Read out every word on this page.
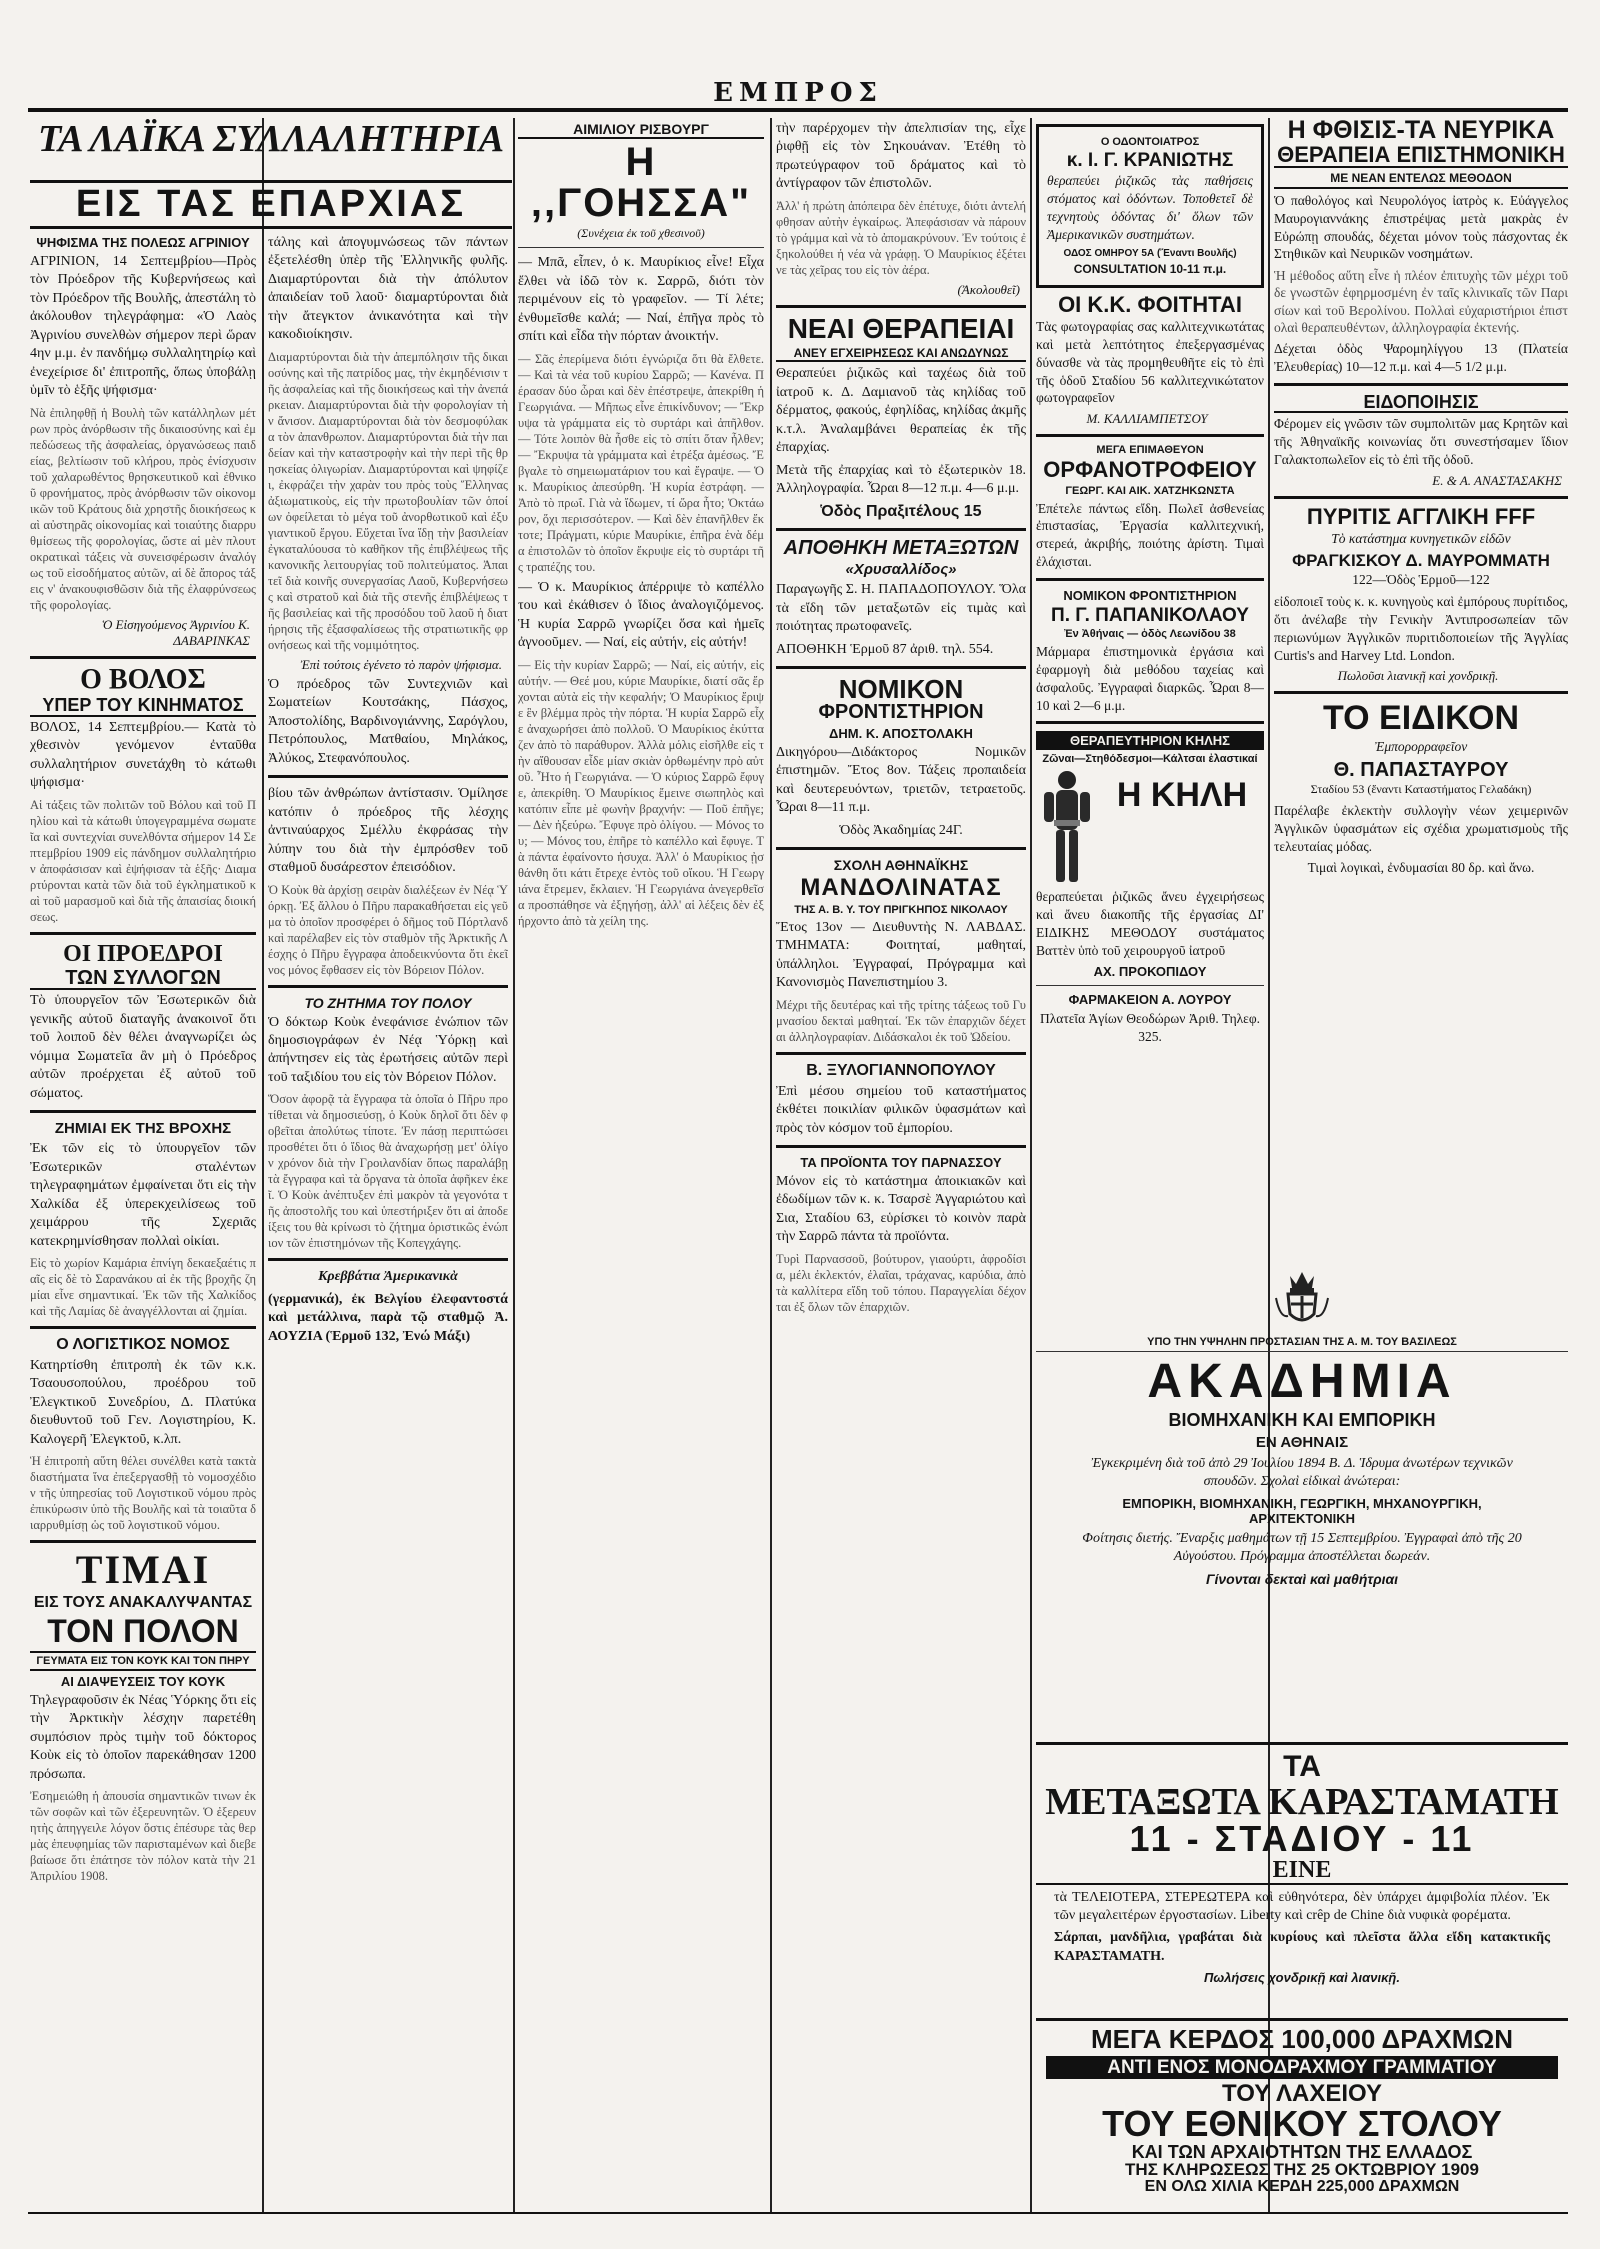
ΕΜΠΡΟΣ
ΤΑ ΛΑΪΚΑ ΣΥΛΛΑΛΗΤΗΡΙΑ
ΕΙΣ ΤΑΣ ΕΠΑΡΧΙΑΣ
ΨΗΦΙΣΜΑ ΤΗΣ ΠΟΛΕΩΣ ΑΓΡΙΝΙΟΥ
ΑΓΡΙΝΙΟΝ, 14 Σεπτεμβρίου—Πρὸς τὸν Πρόεδρον τῆς Κυβερνήσεως καὶ τὸν Πρόεδρον τῆς Βουλῆς, ἀπεστάλη τὸ ἀκόλουθον τηλεγράφημα: «Ὁ Λαὸς Ἀγρινίου συνελθὼν σήμερον περὶ ὥραν 4ην μ.μ. ἐν πανδήμῳ συλλαλητηρίῳ καὶ ἐνεχείρισε δι' ἐπιτροπῆς, ὅπως ὑποβάλῃ ὑμῖν τὸ ἑξῆς ψήφισμα·
Νὰ ἐπιληφθῇ ἡ Βουλὴ τῶν κατάλληλων μέτρων πρὸς ἀνόρθωσιν τῆς δικαιοσύνης καὶ ἐμπεδώσεως τῆς ἀσφαλείας, ὀργανώσεως παιδείας, βελτίωσιν τοῦ κλήρου, πρὸς ἐνίσχυσιν τοῦ χαλαρωθέντος θρησκευτικοῦ καὶ ἐθνικοῦ φρονήματος, πρὸς ἀνόρθωσιν τῶν οἰκονομικῶν τοῦ Κράτους διὰ χρηστῆς διοικήσεως καὶ αὐστηρᾶς οἰκονομίας καὶ τοιαύτης διαρρυθμίσεως τῆς φορολογίας, ὥστε αἱ μὲν πλουτοκρατικαὶ τάξεις νὰ συνεισφέρωσιν ἀναλόγως τοῦ εἰσοδήματος αὐτῶν, αἱ δὲ ἄπορος τάξεις ν' ἀνακουφισθῶσιν διὰ τῆς ἐλαφρύνσεως τῆς φορολογίας.
Ὁ Εἰσηγούμενος Ἀγρινίου Κ. ΔΑΒΑΡΙΝΚΑΣ
Ο ΒΟΛΟΣ
ΥΠΕΡ ΤΟΥ ΚΙΝΗΜΑΤΟΣ
ΒΟΛΟΣ, 14 Σεπτεμβρίου.— Κατὰ τὸ χθεσινὸν γενόμενον ἐνταῦθα συλλαλητήριον συνετάχθη τὸ κάτωθι ψήφισμα·
Αἱ τάξεις τῶν πολιτῶν τοῦ Βόλου καὶ τοῦ Πηλίου καὶ τὰ κάτωθι ὑπογεγραμμένα σωματεῖα καὶ συντεχνίαι συνελθόντα σήμερον 14 Σεπτεμβρίου 1909 εἰς πάνδημον συλλαλητήριον ἀποφάσισαν καὶ ἐψήφισαν τὰ ἑξῆς· Διαμαρτύρονται κατὰ τῶν διὰ τοῦ ἐγκληματικοῦ καὶ τοῦ μαρασμοῦ καὶ διὰ τῆς ἀπαισίας διοικήσεως.
ΟΙ ΠΡΟΕΔΡΟΙ
ΤΩΝ ΣΥΛΛΟΓΩΝ
Τὸ ὑπουργεῖον τῶν Ἐσωτερικῶν διὰ γενικῆς αὐτοῦ διαταγῆς ἀνακοινοῖ ὅτι τοῦ λοιποῦ δὲν θέλει ἀναγνωρίζει ὡς νόμιμα Σωματεῖα ἂν μὴ ὁ Πρόεδρος αὐτῶν προέρχεται ἐξ αὐτοῦ τοῦ σώματος.
ΖΗΜΙΑΙ ΕΚ ΤΗΣ ΒΡΟΧΗΣ
Ἐκ τῶν εἰς τὸ ὑπουργεῖον τῶν Ἐσωτερικῶν σταλέντων τηλεγραφημάτων ἐμφαίνεται ὅτι εἰς τὴν Χαλκίδα ἐξ ὑπερεκχειλίσεως τοῦ χειμάρρου τῆς Σχεριᾶς κατεκρημνίσθησαν πολλαὶ οἰκίαι.
Εἰς τὸ χωρίον Καμάρια ἐπνίγη δεκαεξαέτις παῖς εἰς δὲ τὸ Σαρανάκου αἱ ἐκ τῆς βροχῆς ζημίαι εἶνε σημαντικαί. Ἐκ τῶν τῆς Χαλκίδος καὶ τῆς Λαμίας δὲ ἀναγγέλλονται αἱ ζημίαι.
Ο ΛΟΓΙΣΤΙΚΟΣ ΝΟΜΟΣ
Κατηρτίσθη ἐπιτροπὴ ἐκ τῶν κ.κ. Τσαουσοπούλου, προέδρου τοῦ Ἐλεγκτικοῦ Συνεδρίου, Δ. Πλατύκα διευθυντοῦ τοῦ Γεν. Λογιστηρίου, Κ. Καλογερῆ Ἐλεγκτοῦ, κ.λπ.
Ἡ ἐπιτροπὴ αὕτη θέλει συνέλθει κατὰ τακτὰ διαστήματα ἵνα ἐπεξεργασθῇ τὸ νομοσχέδιον τῆς ὑπηρεσίας τοῦ Λογιστικοῦ νόμου πρὸς ἐπικύρωσιν ὑπὸ τῆς Βουλῆς καὶ τὰ τοιαῦτα διαρρυθμίσῃ ὡς τοῦ λογιστικοῦ νόμου.
ΤΙΜΑΙ
ΕΙΣ ΤΟΥΣ ΑΝΑΚΑΛΥΨΑΝΤΑΣ
ΤΟΝ ΠΟΛΟΝ
ΓΕΥΜΑΤΑ ΕΙΣ ΤΟΝ ΚΟΥΚ ΚΑΙ ΤΟΝ ΠΗΡΥ
ΑΙ ΔΙΑΨΕΥΣΕΙΣ ΤΟΥ ΚΟΥΚ
Τηλεγραφοῦσιν ἐκ Νέας Ὑόρκης ὅτι εἰς τὴν Ἀρκτικὴν λέσχην παρετέθη συμπόσιον πρὸς τιμὴν τοῦ δόκτορος Κοὺκ εἰς τὸ ὁποῖον παρεκάθησαν 1200 πρόσωπα.
Ἐσημειώθη ἡ ἀπουσία σημαντικῶν τινων ἐκ τῶν σοφῶν καὶ τῶν ἐξερευνητῶν. Ὁ ἐξερευνητὴς ἀπηγγειλε λόγον ὅστις ἐπέσυρε τὰς θερμὰς ἐπευφημίας τῶν παρισταμένων καὶ διεβεβαίωσε ὅτι ἐπάτησε τὸν πόλον κατὰ τὴν 21 Ἀπριλίου 1908.
τάλης καὶ ἀπογυμνώσεως τῶν πάντων ἐξετελέσθη ὑπὲρ τῆς Ἑλληνικῆς φυλῆς. Διαμαρτύρονται διὰ τὴν ἀπόλυτον ἀπαιδείαν τοῦ λαοῦ· διαμαρτύρονται διὰ τὴν ἄτεγκτον ἀνικανότητα καὶ τὴν κακοδιοίκησιν.
Διαμαρτύρονται διὰ τὴν ἀπεμπόλησιν τῆς δικαιοσύνης καὶ τῆς πατρίδος μας, τὴν ἐκμηδένισιν τῆς ἀσφαλείας καὶ τῆς διοικήσεως καὶ τὴν ἀνεπάρκειαν. Διαμαρτύρονται διὰ τὴν φορολογίαν τὴν ἄνισον. Διαμαρτύρονται διὰ τὸν δεσμοφύλακα τὸν ἀπανθρωπον. Διαμαρτύρονται διὰ τὴν παιδείαν καὶ τὴν καταστροφὴν καὶ τὴν περὶ τῆς θρησκείας ὀλιγωρίαν. Διαμαρτύρονται καὶ ψηφίζει, ἐκφράζει τὴν χαρὰν του πρὸς τοὺς Ἕλληνας ἀξιωματικοὺς, εἰς τὴν πρωτοβουλίαν τῶν ὁποίων ὀφείλεται τὸ μέγα τοῦ ἀνορθωτικοῦ καὶ ἐξυγιαντικοῦ ἔργου. Εὔχεται ἵνα ἴδῃ τὴν βασιλείαν ἐγκαταλύουσα τὸ καθῆκον τῆς ἐπιβλέψεως τῆς κανονικῆς λειτουργίας τοῦ πολιτεύματος. Ἀπαιτεῖ διὰ κοινῆς συνεργασίας Λαοῦ, Κυβερνήσεως καὶ στρατοῦ καὶ διὰ τῆς στενῆς ἐπιβλέψεως τῆς βασιλείας καὶ τῆς προσόδου τοῦ λαοῦ ἡ διατήρησις τῆς ἐξασφαλίσεως τῆς στρατιωτικῆς φρονήσεως καὶ τῆς νομιμότητος.
Ἐπὶ τούτοις ἐγένετο τὸ παρὸν ψήφισμα.
Ὁ πρόεδρος τῶν Συντεχνιῶν καὶ Σωματείων Κουτσάκης, Πάσχος, Ἀποστολίδης, Βαρδινογιάννης, Σαρόγλου, Πετρόπουλος, Ματθαίου, Μηλάκος, Ἀλύκος, Στεφανόπουλος.
βίου τῶν ἀνθρώπων ἀντίστασιν. Ὁμίλησε κατόπιν ὁ πρόεδρος τῆς λέσχης ἀντιναύαρχος Σμέλλυ ἐκφράσας τὴν λύπην του διὰ τὴν ἐμπρόσθεν τοῦ σταθμοῦ δυσάρεστον ἐπεισόδιον.
Ὁ Κοὺκ θὰ ἀρχίσῃ σειρὰν διαλέξεων ἐν Νέᾳ Ὑόρκῃ. Ἐξ ἄλλου ὁ Πῆρυ παρακαθήσεται εἰς γεῦμα τὸ ὁποῖον προσφέρει ὁ δῆμος τοῦ Πόρτλανδ καὶ παρέλαβεν εἰς τὸν σταθμὸν τῆς Ἀρκτικῆς Λέσχης ὁ Πῆρυ ἔγγραφα ἀποδεικνύοντα ὅτι ἐκεῖνος μόνος ἔφθασεν εἰς τὸν Βόρειον Πόλον.
ΤΟ ΖΗΤΗΜΑ ΤΟΥ ΠΟΛΟΥ
Ὁ δόκτωρ Κοὺκ ἐνεφάνισε ἐνώπιον τῶν δημοσιογράφων ἐν Νέᾳ Ὑόρκῃ καὶ ἀπήντησεν εἰς τὰς ἐρωτήσεις αὐτῶν περὶ τοῦ ταξιδίου του εἰς τὸν Βόρειον Πόλον.
Ὅσον ἀφορᾷ τὰ ἔγγραφα τὰ ὁποῖα ὁ Πῆρυ προτίθεται νὰ δημοσιεύσῃ, ὁ Κοὺκ δηλοῖ ὅτι δὲν φοβεῖται ἀπολύτως τίποτε. Ἐν πάσῃ περιπτώσει προσθέτει ὅτι ὁ ἴδιος θὰ ἀναχωρήσῃ μετ' ὀλίγον χρόνον διὰ τὴν Γροιλανδίαν ὅπως παραλάβῃ τὰ ἔγγραφα καὶ τὰ ὄργανα τὰ ὁποῖα ἀφῆκεν ἐκεῖ. Ὁ Κοὺκ ἀνέπτυξεν ἐπὶ μακρὸν τὰ γεγονότα τῆς ἀποστολῆς του καὶ ὑπεστήριξεν ὅτι αἱ ἀποδείξεις του θὰ κρίνωσι τὸ ζήτημα ὁριστικῶς ἐνώπιον τῶν ἐπιστημόνων τῆς Κοπεγχάγης.
Κρεββάτια Ἀμερικανικὰ
(γερμανικά), ἐκ Βελγίου ἐλεφαντοστά καὶ μετάλλινα, παρὰ τῷ σταθμῷ Ἀ. ΑΟΥΖΙΑ (Ἑρμοῦ 132, Ἐνώ Μάξι)
ΑΙΜΙΛΙΟΥ ΡΙΣΒΟΥΡΓ
Η ,,ΓΟΗΣΣΑ"
(Συνέχεια ἐκ τοῦ χθεσινοῦ)
— Μπᾶ, εἶπεν, ὁ κ. Μαυρίκιος εἶνε! Εἶχα ἔλθει νὰ ἰδῶ τὸν κ. Σαρρῶ, διότι τὸν περιμένουν εἰς τὸ γραφεῖον. — Τί λέτε; ἐνθυμεῖσθε καλά; — Ναί, ἐπῆγα πρὸς τὸ σπίτι καὶ εἶδα τὴν πόρταν ἀνοικτήν.
— Σᾶς ἐπερίμενα διότι ἐγνώριζα ὅτι θὰ ἔλθετε. — Καὶ τὰ νέα τοῦ κυρίου Σαρρῶ; — Κανένα. Πέρασαν δύο ὧραι καὶ δὲν ἐπέστρεψε, ἀπεκρίθη ἡ Γεωργιάνα. — Μῆπως εἶνε ἐπικίνδυνον; — Ἔκρυψα τὰ γράμματα εἰς τὸ συρτάρι καὶ ἀπῆλθον. — Τότε λοιπὸν θὰ ἦσθε εἰς τὸ σπίτι ὅταν ἦλθεν; — Ἔκρυψα τὰ γράμματα καὶ ἐτρέξα ἀμέσως. Ἔβγαλε τὸ σημειωματάριον του καὶ ἔγραψε. — Ὁ κ. Μαυρίκιος ἀπεσύρθη. Ἡ κυρία ἐστράφη. — Ἀπὸ τὸ πρωΐ. Γιὰ νὰ ἴδωμεν, τί ὥρα ἦτο; Ὀκτάωρον, ὅχι περισσότερον. — Καὶ δὲν ἐπανῆλθεν ἔκτοτε; Πράγματι, κύριε Μαυρίκιε, ἐπῆρα ἑνὰ δέμα ἐπιστολῶν τὸ ὁποῖον ἔκρυψε εἰς τὸ συρτάρι τῆς τραπέζης του.
— Ὁ κ. Μαυρίκιος ἀπέρριψε τὸ καπέλλο του καὶ ἐκάθισεν ὁ ἴδιος ἀναλογιζόμενος. Ἡ κυρία Σαρρῶ γνωρίζει ὅσα καὶ ἡμεῖς ἀγνοοῦμεν. — Ναί, εἰς αὐτήν, εἰς αὐτήν!
— Εἰς τὴν κυρίαν Σαρρῶ; — Ναί, εἰς αὐτήν, εἰς αὐτήν. — Θεέ μου, κύριε Μαυρίκιε, διατί σᾶς ἔρχονται αὐτὰ εἰς τὴν κεφαλήν; Ὁ Μαυρίκιος ἔριψε ἓν βλέμμα πρὸς τὴν πόρτα. Ἡ κυρία Σαρρῶ εἶχε ἀναχωρήσει ἀπὸ πολλοῦ. Ὁ Μαυρίκιος ἐκύτταζεν ἀπὸ τὸ παράθυρον. Ἀλλὰ μόλις εἰσῆλθε εἰς τὴν αἴθουσαν εἶδε μίαν σκιὰν ὀρθωμένην πρὸ αὐτοῦ. Ἦτο ἡ Γεωργιάνα. — Ὁ κύριος Σαρρῶ ἔφυγε, ἀπεκρίθη. Ὁ Μαυρίκιος ἔμεινε σιωπηλὸς καὶ κατόπιν εἶπε μὲ φωνὴν βραχνήν: — Ποῦ ἐπῆγε; — Δὲν ἠξεύρω. Ἔφυγε πρὸ ὀλίγου. — Μόνος του; — Μόνος του, ἐπῆρε τὸ καπέλλο καὶ ἔφυγε. Τὰ πάντα ἐφαίνοντο ἡσυχα. Ἀλλ' ὁ Μαυρίκιος ᾐσθάνθη ὅτι κάτι ἔτρεχε ἐντὸς τοῦ οἴκου. Ἡ Γεωργιάνα ἔτρεμεν, ἔκλαιεν. Ἡ Γεωργιάνα ἀνεγερθεῖσα προσπάθησε νὰ ἐξηγήσῃ, ἀλλ' αἱ λέξεις δὲν ἐξήρχοντο ἀπὸ τὰ χείλη της.
τὴν παρέρχομεν τὴν ἀπελπισίαν της, εἶχε ῥιφθῇ εἰς τὸν Σηκουάναν. Ἐτέθη τὸ πρωτεύγραφον τοῦ δράματος καὶ τὸ ἀντίγραφον τῶν ἐπιστολῶν.
Ἀλλ' ἡ πρώτη ἀπόπειρα δὲν ἐπέτυχε, διότι ἀντελήφθησαν αὐτὴν ἐγκαίρως. Ἀπεφάσισαν νὰ πάρουν τὸ γράμμα καὶ νὰ τὸ ἀπομακρύνουν. Ἐν τούτοις ἐξηκολούθει ἡ νέα νὰ γράφῃ. Ὁ Μαυρίκιος ἐξέτεινε τὰς χεῖρας του εἰς τὸν ἀέρα.
(Ἀκολουθεῖ)
ΝΕΑΙ ΘΕΡΑΠΕΙΑΙ
ΑΝΕΥ ΕΓΧΕΙΡΗΣΕΩΣ ΚΑΙ ΑΝΩΔΥΝΩΣ
Θεραπεύει ῥιζικῶς καὶ ταχέως διὰ τοῦ ἰατροῦ κ. Δ. Δαμιανοῦ τὰς κηλίδας τοῦ δέρματος, φακούς, ἐφηλίδας, κηλίδας ἀκμῆς κ.τ.λ. Ἀναλαμβάνει θεραπείας ἐκ τῆς ἐπαρχίας.
Μετὰ τῆς ἐπαρχίας καὶ τὸ ἐξωτερικὸν 18. Ἀλληλογραφία. Ὧραι 8—12 π.μ. 4—6 μ.μ.
Ὁδὸς Πραξιτέλους 15
ΑΠΟΘΗΚΗ ΜΕΤΑΞΩΤΩΝ
«Χρυσαλλίδος»
Παραγωγῆς Σ. Η. ΠΑΠΑΔΟΠΟΥΛΟΥ. Ὅλα τὰ εἴδη τῶν μεταξωτῶν εἰς τιμὰς καὶ ποιότητας πρωτοφανεῖς.
ΑΠΟΘΗΚΗ Ἑρμοῦ 87 ἀριθ. τηλ. 554.
ΝΟΜΙΚΟΝ
ΦΡΟΝΤΙΣΤΗΡΙΟΝ
ΔΗΜ. Κ. ΑΠΟΣΤΟΛΑΚΗ
Δικηγόρου—Διδάκτορος Νομικῶν ἐπιστημῶν. Ἔτος 8ον. Τάξεις προπαιδεία καὶ δευτερευόντων, τριετῶν, τετραετοῦς. Ὧραι 8—11 π.μ.
Ὁδὸς Ἀκαδημίας 24Γ.
ΣΧΟΛΗ ΑΘΗΝΑΪΚΗΣ
ΜΑΝΔΟΛΙΝΑΤΑΣ
ΤΗΣ Α. Β. Υ. ΤΟΥ ΠΡΙΓΚΗΠΟΣ ΝΙΚΟΛΑΟΥ
Ἔτος 13ον — Διευθυντὴς Ν. ΛΑΒΔΑΣ. ΤΜΗΜΑΤΑ: Φοιτηταί, μαθηταί, ὑπάλληλοι. Ἐγγραφαί, Πρόγραμμα καὶ Κανονισμὸς Πανεπιστημίου 3.
Μέχρι τῆς δευτέρας καὶ τῆς τρίτης τάξεως τοῦ Γυμνασίου δεκταὶ μαθηταί. Ἐκ τῶν ἐπαρχιῶν δέχεται ἀλληλογραφίαν. Διδάσκαλοι ἐκ τοῦ Ὠδείου.
Β. ΞΥΛΟΓΙΑΝΝΟΠΟΥΛΟΥ
Ἐπὶ μέσου σημείου τοῦ καταστήματος ἐκθέτει ποικιλίαν φιλικῶν ὑφασμάτων καὶ πρὸς τὸν κόσμον τοῦ ἐμπορίου.
ΤΑ ΠΡΟΪΟΝΤΑ ΤΟΥ ΠΑΡΝΑΣΣΟΥ
Μόνον εἰς τὸ κατάστημα ἀποικιακῶν καὶ ἐδωδίμων τῶν κ. κ. Τσαρσὲ Ἀγγαριώτου καὶ Σια, Σταδίου 63, εὑρίσκει τὸ κοινὸν παρὰ τὴν Σαρρῶ πάντα τὰ προϊόντα.
Τυρὶ Παρνασσοῦ, βούτυρον, γιαούρτι, ἀφροδίσια, μέλι ἐκλεκτόν, ἐλαῖαι, τράχανας, καρύδια, ἀπὸ τὰ καλλίτερα εἴδη τοῦ τόπου. Παραγγελίαι δέχονται ἐξ ὅλων τῶν ἐπαρχιῶν.
Ο ΟΔΟΝΤΟΙΑΤΡΟΣ
κ. Ι. Γ. ΚΡΑΝΙΩΤΗΣ
θεραπεύει ῥιζικῶς τὰς παθήσεις στόματος καὶ ὀδόντων. Τοποθετεῖ δὲ τεχνητοὺς ὀδόντας δι' ὅλων τῶν Ἀμερικανικῶν συστημάτων.
ΟΔΟΣ ΟΜΗΡΟΥ 5Α (Ἔναντι Βουλῆς)
CONSULTATION 10-11 π.μ.
ΟΙ Κ.Κ. ΦΟΙΤΗΤΑΙ
Τὰς φωτογραφίας σας καλλιτεχνικωτάτας καὶ μετὰ λεπτότητος ἐπεξεργασμένας δύνασθε νὰ τὰς προμηθευθῆτε εἰς τὸ ἐπὶ τῆς ὁδοῦ Σταδίου 56 καλλιτεχνικώτατον φωτογραφεῖον
Μ. ΚΑΛΛΙΑΜΠΕΤΣΟΥ
ΜΕΓΑ ΕΠΙΜΑΘΕΥΟΝ
ΟΡΦΑΝΟΤΡΟΦΕΙΟΥ
ΓΕΩΡΓ. ΚΑΙ ΑΙΚ. ΧΑΤΖΗΚΩΝΣΤΑ
Ἐπέτελε πάντως εἴδη. Πωλεῖ ἀσθενείας ἐπιστασίας, Ἐργασία καλλιτεχνική, στερεά, ἀκριβής, ποιότης ἀρίστη. Τιμαὶ ἐλάχισται.
ΝΟΜΙΚΟΝ ΦΡΟΝΤΙΣΤΗΡΙΟΝ
Π. Γ. ΠΑΠΑΝΙΚΟΛΑΟΥ
Ἐν Ἀθήναις — ὁδὸς Λεωνίδου 38
Μάρμαρα ἐπιστημονικὰ ἐργάσια καὶ ἐφαρμογὴ διὰ μεθόδου ταχείας καὶ ἀσφαλοῦς. Ἐγγραφαὶ διαρκῶς. Ὧραι 8—10 καὶ 2—6 μ.μ.
ΘΕΡΑΠΕΥΤΗΡΙΟΝ ΚΗΛΗΣ
Ζῶναι—Στηθόδεσμοι—Κάλτσαι ἐλαστικαί
Η ΚΗΛΗ
θεραπεύεται ῥιζικῶς ἄνευ ἐγχειρήσεως καὶ ἄνευ διακοπῆς τῆς ἐργασίας ΔΙ' ΕΙΔΙΚΗΣ ΜΕΘΟΔΟΥ συστάματος Βαττὲν ὑπὸ τοῦ χειρουργοῦ ἰατροῦ
ΑΧ. ΠΡΟΚΟΠΙΔΟΥ
ΦΑΡΜΑΚΕΙΟΝ Α. ΛΟΥΡΟΥ
Πλατεῖα Ἁγίων Θεοδώρων Ἀριθ. Τηλεφ. 325.
Η ΦΘΙΣΙΣ-ΤΑ ΝΕΥΡΙΚΑ
ΘΕΡΑΠΕΙΑ ΕΠΙΣΤΗΜΟΝΙΚΗ
ΜΕ ΝΕΑΝ ΕΝΤΕΛΩΣ ΜΕΘΟΔΟΝ
Ὁ παθολόγος καὶ Νευρολόγος ἰατρὸς κ. Εὐάγγελος Μαυρογιαννάκης ἐπιστρέψας μετὰ μακρὰς ἐν Εὐρώπῃ σπουδάς, δέχεται μόνον τοὺς πάσχοντας ἐκ Στηθικῶν καὶ Νευρικῶν νοσημάτων.
Ἡ μέθοδος αὕτη εἶνε ἡ πλέον ἐπιτυχὴς τῶν μέχρι τοῦδε γνωστῶν ἐφηρμοσμένη ἐν ταῖς κλινικαῖς τῶν Παρισίων καὶ τοῦ Βερολίνου. Πολλαὶ εὐχαριστήριοι ἐπιστολαὶ θεραπευθέντων, ἀλληλογραφία ἐκτενής.
Δέχεται ὁδὸς Ψαρομηλίγγου 13 (Πλατεία Ἐλευθερίας) 10—12 π.μ. καὶ 4—5 1/2 μ.μ.
ΕΙΔΟΠΟΙΗΣΙΣ
Φέρομεν εἰς γνῶσιν τῶν συμπολιτῶν μας Κρητῶν καὶ τῆς Ἀθηναϊκῆς κοινωνίας ὅτι συνεστήσαμεν ἴδιον Γαλακτοπωλεῖον εἰς τὸ ἐπὶ τῆς ὁδοῦ.
Ε. & Α. ΑΝΑΣΤΑΣΑΚΗΣ
ΠΥΡΙΤΙΣ ΑΓΓΛΙΚΗ FFF
Τὸ κατάστημα κυνηγετικῶν εἰδῶν
ΦΡΑΓΚΙΣΚΟΥ Δ. ΜΑΥΡΟΜΜΑΤΗ
122—Ὁδὸς Ἑρμοῦ—122
εἰδοποιεῖ τοὺς κ. κ. κυνηγοὺς καὶ ἐμπόρους πυρίτιδος, ὅτι ἀνέλαβε τὴν Γενικὴν Ἀντιπροσωπείαν τῶν περιωνύμων Ἀγγλικῶν πυριτιδοποιείων τῆς Ἀγγλίας Curtis's and Harvey Ltd. London.
Πωλοῦσι λιανικῇ καὶ χονδρικῇ.
ΤΟ ΕΙΔΙΚΟΝ
Ἐμπορορραφεῖον
Θ. ΠΑΠΑΣΤΑΥΡΟΥ
Σταδίου 53 (ἔναντι Καταστήματος Γελαδάκη)
Παρέλαβε ἐκλεκτὴν συλλογὴν νέων χειμερινῶν Ἀγγλικῶν ὑφασμάτων εἰς σχέδια χρωματισμοὺς τῆς τελευταίας μόδας.
Τιμαὶ λογικαὶ, ἐνδυμασίαι 80 δρ. καὶ ἄνω.
ΥΠΟ ΤΗΝ ΥΨΗΛΗΝ ΠΡΟΣΤΑΣΙΑΝ ΤΗΣ Α. Μ. ΤΟΥ ΒΑΣΙΛΕΩΣ
ΑΚΑΔΗΜΙΑ
ΒΙΟΜΗΧΑΝΙΚΗ ΚΑΙ ΕΜΠΟΡΙΚΗ
ΕΝ ΑΘΗΝΑΙΣ
Ἐγκεκριμένη διὰ τοῦ ἀπὸ 29 Ἰουλίου 1894 Β. Δ. Ἱδρυμα ἀνωτέρων τεχνικῶν σπουδῶν. Σχολαὶ εἰδικαὶ ἀνώτεραι:
ΕΜΠΟΡΙΚΗ, ΒΙΟΜΗΧΑΝΙΚΗ, ΓΕΩΡΓΙΚΗ, ΜΗΧΑΝΟΥΡΓΙΚΗ, ΑΡΧΙΤΕΚΤΟΝΙΚΗ
Φοίτησις διετής. Ἔναρξις μαθημάτων τῇ 15 Σεπτεμβρίου. Ἐγγραφαὶ ἀπὸ τῆς 20 Αὐγούστου. Πρόγραμμα ἀποστέλλεται δωρεάν.
Γίνονται δεκταὶ καὶ μαθήτριαι
ΤΑ
ΜΕΤΑΞΩΤΑ ΚΑΡΑΣΤΑΜΑΤΗ
11 - ΣΤΑΔΙΟΥ - 11
ΕΙΝΕ
τὰ ΤΕΛΕΙΟΤΕΡΑ, ΣΤΕΡΕΩΤΕΡΑ καὶ εὐθηνότερα, δὲν ὑπάρχει ἀμφιβολία πλέον. Ἐκ τῶν μεγαλειτέρων ἐργοστασίων. Liberty καὶ crêp de Chine διὰ νυφικὰ φορέματα.
Σάρπαι, μανδῆλια, γραβάται διὰ κυρίους καὶ πλεῖστα ἄλλα εἴδη κατακτικῆς ΚΑΡΑΣΤΑΜΑΤΗ.
Πωλήσεις χονδρικῇ καὶ λιανικῇ.
ΜΕΓΑ ΚΕΡΔΟΣ 100,000 ΔΡΑΧΜΩΝ
ΑΝΤΙ ΕΝΟΣ ΜΟΝΟΔΡΑΧΜΟΥ ΓΡΑΜΜΑΤΙΟΥ
ΤΟΥ ΛΑΧΕΙΟΥ
ΤΟΥ ΕΘΝΙΚΟΥ ΣΤΟΛΟΥ
ΚΑΙ ΤΩΝ ΑΡΧΑΙΟΤΗΤΩΝ ΤΗΣ ΕΛΛΑΔΟΣ
ΤΗΣ ΚΛΗΡΩΣΕΩΣ ΤΗΣ 25 ΟΚΤΩΒΡΙΟΥ 1909
ΕΝ ΟΛΩ ΧΙΛΙΑ ΚΕΡΔΗ 225,000 ΔΡΑΧΜΩΝ
